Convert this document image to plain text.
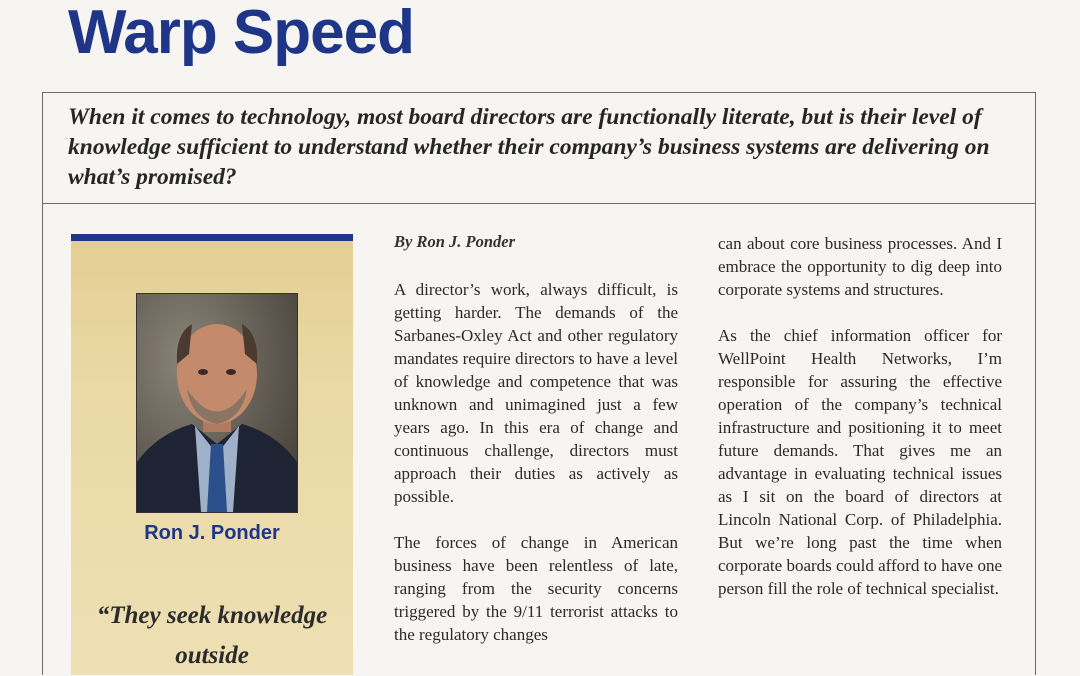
Warp Speed

When it comes to technology, most board directors are functionally literate, but is their level of knowledge sufficient to understand whether their company’s business systems are delivering on what’s promised?

Ron J. Ponder
“They seek knowledge outside
By Ron J. Ponder

A director’s work, always difficult, is getting harder. The demands of the Sarbanes-Oxley Act and other regulatory mandates require directors to have a level of knowledge and competence that was unknown and unimagined just a few years ago. In this era of change and continuous challenge, directors must approach their duties as actively as possible.

The forces of change in American business have been relentless of late, ranging from the security concerns triggered by the 9/11 terrorist attacks to the regulatory changes

can about core business processes. And I embrace the opportunity to dig deep into corporate systems and structures.

As the chief information officer for WellPoint Health Networks, I’m responsible for assuring the effective operation of the company’s technical infrastructure and positioning it to meet future demands. That gives me an advantage in evaluating technical issues as I sit on the board of directors at Lincoln National Corp. of Philadelphia. But we’re long past the time when corporate boards could afford to have one person fill the role of technical specialist.
